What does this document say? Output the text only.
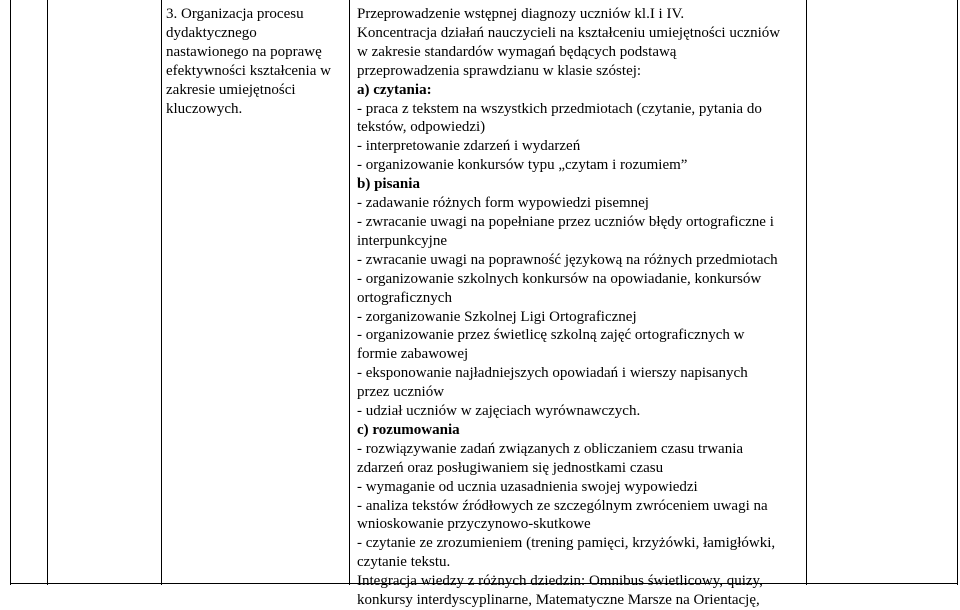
3. Organizacja procesu
dydaktycznego
nastawionego na poprawę
efektywności kształcenia w
zakresie umiejętności
kluczowych.
Przeprowadzenie wstępnej diagnozy uczniów kl.I i IV.
Koncentracja działań nauczycieli na kształceniu umiejętności uczniów
w zakresie standardów wymagań będących podstawą
przeprowadzenia sprawdzianu w klasie szóstej:
a) czytania:
- praca z tekstem na wszystkich przedmiotach (czytanie, pytania do
tekstów, odpowiedzi)
- interpretowanie zdarzeń i wydarzeń
- organizowanie konkursów typu „czytam i rozumiem”
b) pisania
- zadawanie różnych form wypowiedzi pisemnej
- zwracanie uwagi na popełniane przez uczniów błędy ortograficzne i
interpunkcyjne
- zwracanie uwagi na poprawność językową na różnych przedmiotach
- organizowanie szkolnych konkursów na opowiadanie, konkursów
ortograficznych
- zorganizowanie Szkolnej Ligi Ortograficznej
- organizowanie przez świetlicę szkolną zajęć ortograficznych w
formie zabawowej
- eksponowanie najładniejszych opowiadań i wierszy napisanych
przez uczniów
- udział uczniów w zajęciach wyrównawczych.
c) rozumowania
- rozwiązywanie zadań związanych z obliczaniem czasu trwania
zdarzeń oraz posługiwaniem się jednostkami czasu
- wymaganie od ucznia uzasadnienia swojej wypowiedzi
- analiza tekstów źródłowych ze szczególnym zwróceniem uwagi na
wnioskowanie przyczynowo-skutkowe
- czytanie ze zrozumieniem (trening pamięci, krzyżówki, łamigłówki,
czytanie tekstu.
Integracja wiedzy z różnych dziedzin: Omnibus świetlicowy, quizy,
konkursy interdyscyplinarne, Matematyczne Marsze na Orientację,
